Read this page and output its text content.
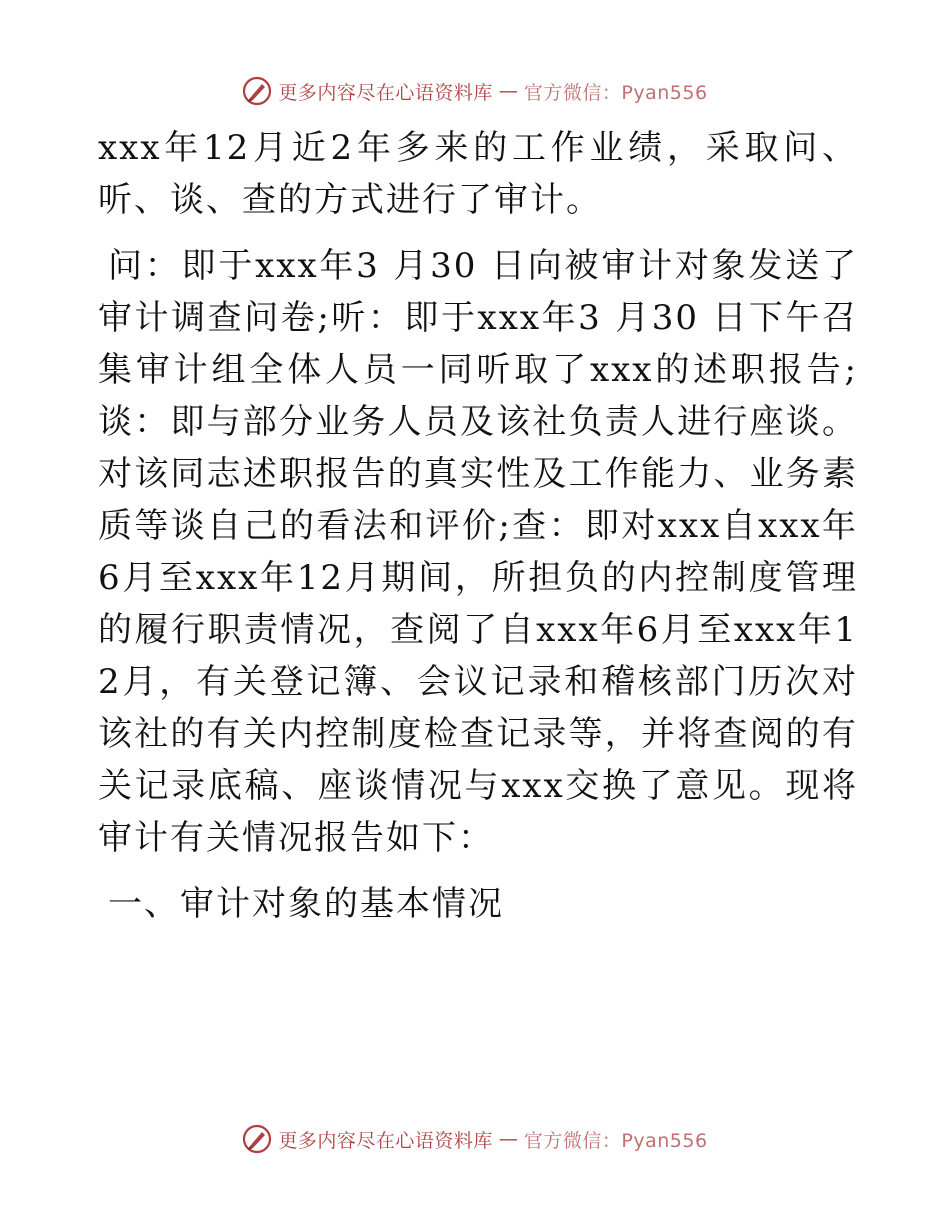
更多内容尽在心语资料库 — 官方微信：Pyan556

xxx年12月近2年多来的工作业绩，采取问、听、谈、查的方式进行了审计。

问：即于xxx年3 月30 日向被审计对象发送了审计调查问卷;听：即于xxx年3 月30 日下午召集审计组全体人员一同听取了xxx的述职报告;谈：即与部分业务人员及该社负责人进行座谈。对该同志述职报告的真实性及工作能力、业务素质等谈自己的看法和评价;查：即对xxx自xxx年6月至xxx年12月期间，所担负的内控制度管理的履行职责情况，查阅了自xxx年6月至xxx年12月，有关登记簿、会议记录和稽核部门历次对该社的有关内控制度检查记录等，并将查阅的有关记录底稿、座谈情况与xxx交换了意见。现将审计有关情况报告如下：

一、审计对象的基本情况

更多内容尽在心语资料库 — 官方微信：Pyan556
